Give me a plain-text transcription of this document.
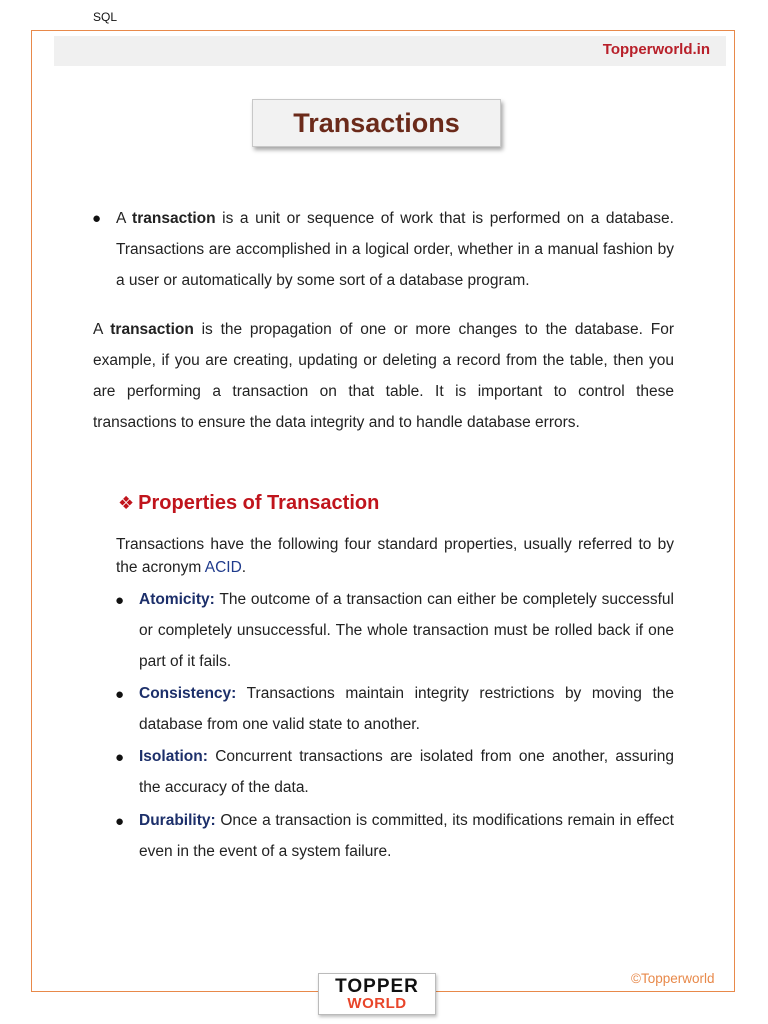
SQL
Topperworld.in
Transactions
● A transaction is a unit or sequence of work that is performed on a database. Transactions are accomplished in a logical order, whether in a manual fashion by a user or automatically by some sort of a database program.
A transaction is the propagation of one or more changes to the database. For example, if you are creating, updating or deleting a record from the table, then you are performing a transaction on that table. It is important to control these transactions to ensure the data integrity and to handle database errors.
❖ Properties of Transaction
Transactions have the following four standard properties, usually referred to by the acronym ACID.
● Atomicity: The outcome of a transaction can either be completely successful or completely unsuccessful. The whole transaction must be rolled back if one part of it fails.
● Consistency: Transactions maintain integrity restrictions by moving the database from one valid state to another.
● Isolation: Concurrent transactions are isolated from one another, assuring the accuracy of the data.
● Durability: Once a transaction is committed, its modifications remain in effect even in the event of a system failure.
©Topperworld
TOPPER
WORLD
